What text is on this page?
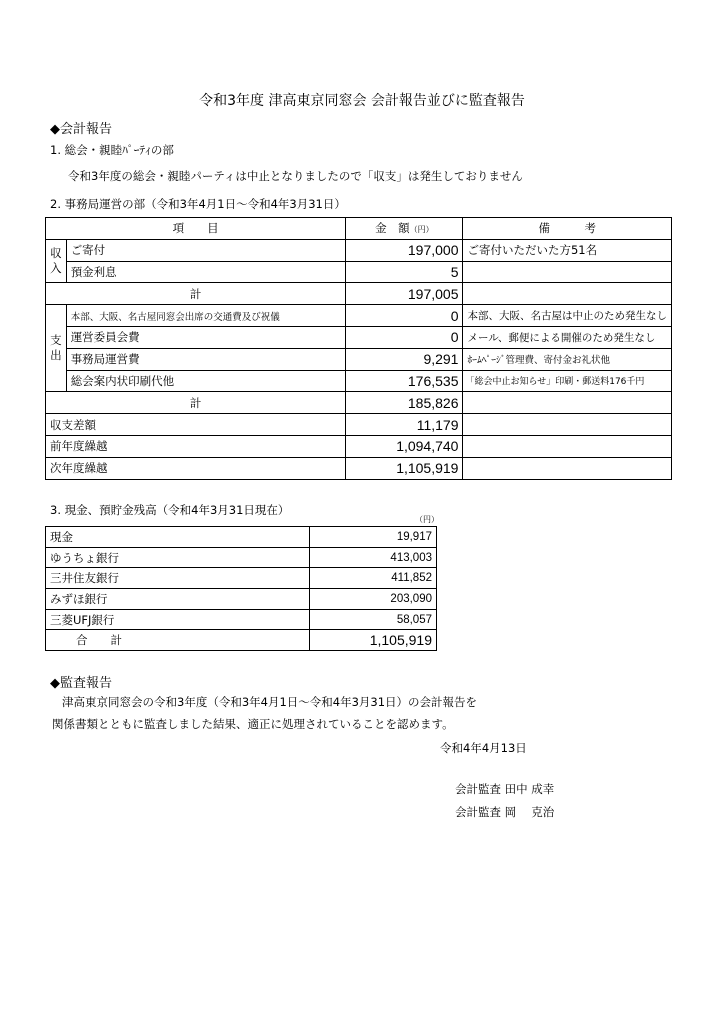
令和3年度 津高東京同窓会 会計報告並びに監査報告
◆会計報告
1. 総会・親睦ﾊﾟｰﾃｨの部
令和3年度の総会・親睦パーティは中止となりましたので「収支」は発生しておりません
2. 事務局運営の部（令和3年4月1日～令和4年3月31日）
項　　目		金　額（円）	備　　　考
収入	ご寄付	197,000	ご寄付いただいた方51名
	預金利息	5	
計		197,005	
支出	本部、大阪、名古屋同窓会出席の交通費及び祝儀	0	本部、大阪、名古屋は中止のため発生なし
	運営委員会費	0	メール、郵便による開催のため発生なし
	事務局運営費	9,291	ﾎｰﾑﾍﾟｰｼﾞ管理費、寄付金お礼状他
	総会案内状印刷代他	176,535	「総会中止お知らせ」印刷・郵送料176千円
計		185,826	
収支差額		11,179	
前年度繰越		1,094,740	
次年度繰越		1,105,919	
3. 現金、預貯金残高（令和4年3月31日現在）
（円）
現金	19,917
ゆうちょ銀行	413,003
三井住友銀行	411,852
みずほ銀行	203,090
三菱UFJ銀行	58,057
合　　計	1,105,919
◆監査報告
津高東京同窓会の令和3年度（令和3年4月1日～令和4年3月31日）の会計報告を
関係書類とともに監査しました結果、適正に処理されていることを認めます。
令和4年4月13日
会計監査 田中 成幸
会計監査 岡　 克治
